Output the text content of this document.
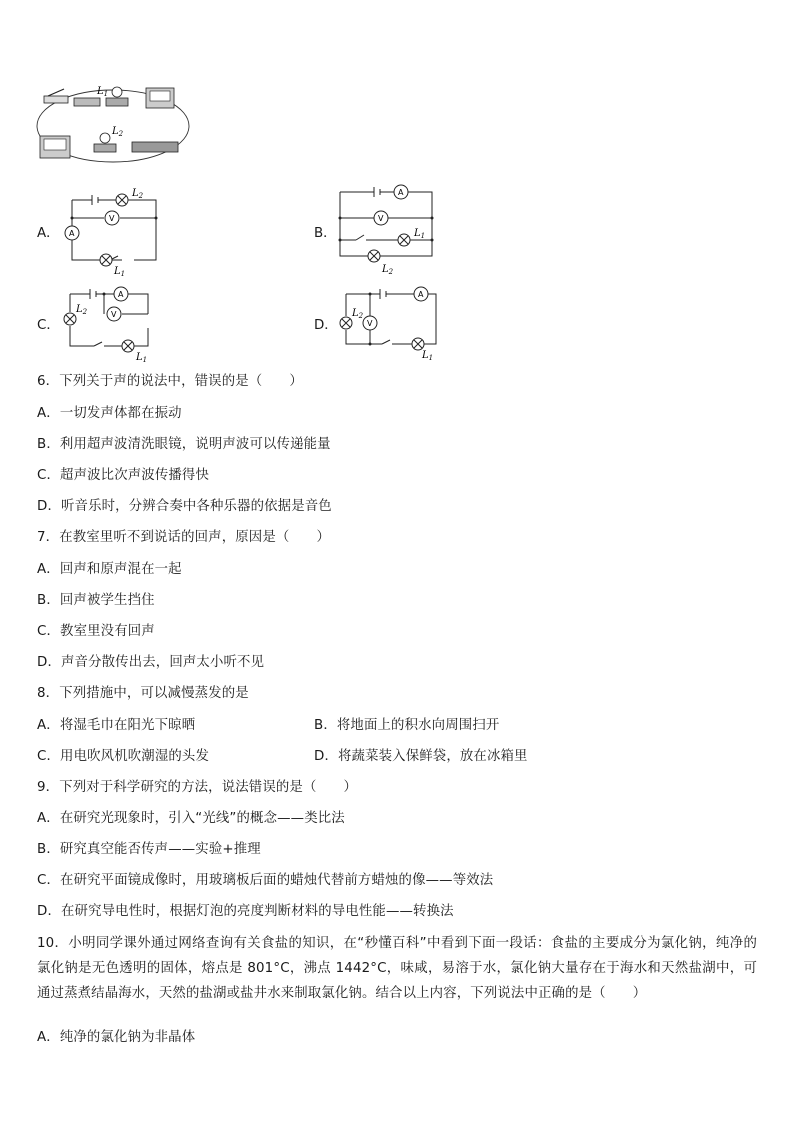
$L_1$
$L_2$
A．
V
A
$L_2$
$L_1$
B．
A
V
$L_1$
$L_2$
C．
A
V
$L_2$
$L_1$
D．
A
V
$L_2$
$L_1$
6．下列关于声的说法中，错误的是（　　）
A．一切发声体都在振动
B．利用超声波清洗眼镜，说明声波可以传递能量
C．超声波比次声波传播得快
D．听音乐时，分辨合奏中各种乐器的依据是音色
7．在教室里听不到说话的回声，原因是（　　）
A．回声和原声混在一起
B．回声被学生挡住
C．教室里没有回声
D．声音分散传出去，回声太小听不见
8．下列措施中，可以减慢蒸发的是
A．将湿毛巾在阳光下晾晒	B．将地面上的积水向周围扫开
C．用电吹风机吹潮湿的头发	D．将蔬菜装入保鲜袋，放在冰箱里
9．下列对于科学研究的方法，说法错误的是（　　）
A．在研究光现象时，引入“光线”的概念——类比法
B．研究真空能否传声——实验+推理
C．在研究平面镜成像时，用玻璃板后面的蜡烛代替前方蜡烛的像——等效法
D．在研究导电性时，根据灯泡的亮度判断材料的导电性能——转换法
10．小明同学课外通过网络查询有关食盐的知识，在“秒懂百科”中看到下面一段话：食盐的主要成分为氯化钠，纯净的氯化钠是无色透明的固体，熔点是 801°C，沸点 1442°C，味咸，易溶于水，氯化钠大量存在于海水和天然盐湖中，可通过蒸煮结晶海水，天然的盐湖或盐井水来制取氯化钠。结合以上内容，下列说法中正确的是（　　）
A．纯净的氯化钠为非晶体
